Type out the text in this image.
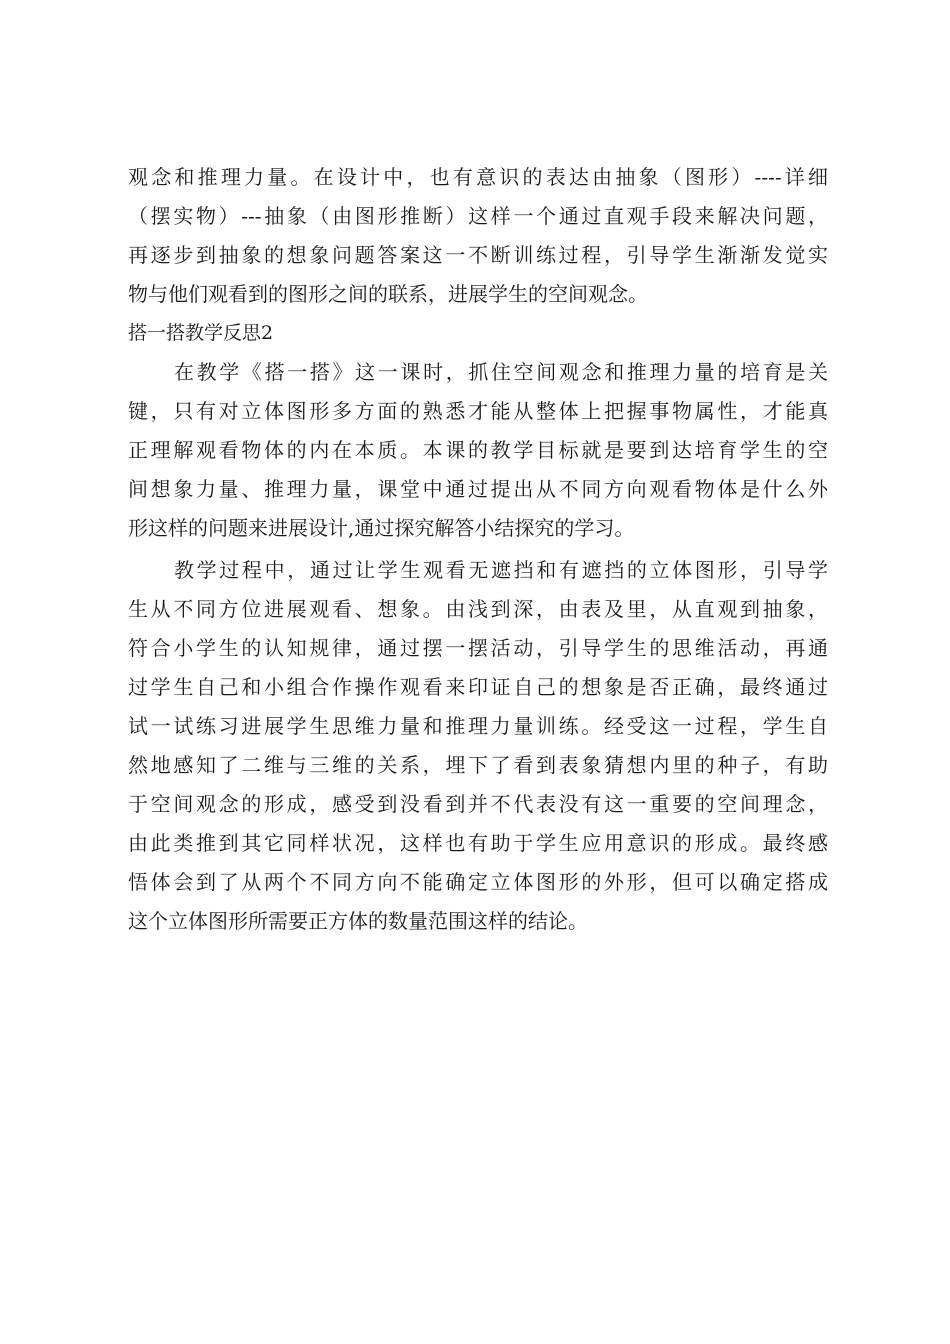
观念和推理力量。在设计中，也有意识的表达由抽象（图形）----详细
（摆实物）---抽象（由图形推断）这样一个通过直观手段来解决问题，
再逐步到抽象的想象问题答案这一不断训练过程，引导学生渐渐发觉实
物与他们观看到的图形之间的联系，进展学生的空间观念。
搭一搭教学反思2
在教学《搭一搭》这一课时，抓住空间观念和推理力量的培育是关
键，只有对立体图形多方面的熟悉才能从整体上把握事物属性，才能真
正理解观看物体的内在本质。本课的教学目标就是要到达培育学生的空
间想象力量、推理力量，课堂中通过提出从不同方向观看物体是什么外
形这样的问题来进展设计,通过探究解答小结探究的学习。
教学过程中，通过让学生观看无遮挡和有遮挡的立体图形，引导学
生从不同方位进展观看、想象。由浅到深，由表及里，从直观到抽象，
符合小学生的认知规律，通过摆一摆活动，引导学生的思维活动，再通
过学生自己和小组合作操作观看来印证自己的想象是否正确，最终通过
试一试练习进展学生思维力量和推理力量训练。经受这一过程，学生自
然地感知了二维与三维的关系，埋下了看到表象猜想内里的种子，有助
于空间观念的形成，感受到没看到并不代表没有这一重要的空间理念，
由此类推到其它同样状况，这样也有助于学生应用意识的形成。最终感
悟体会到了从两个不同方向不能确定立体图形的外形，但可以确定搭成
这个立体图形所需要正方体的数量范围这样的结论。
